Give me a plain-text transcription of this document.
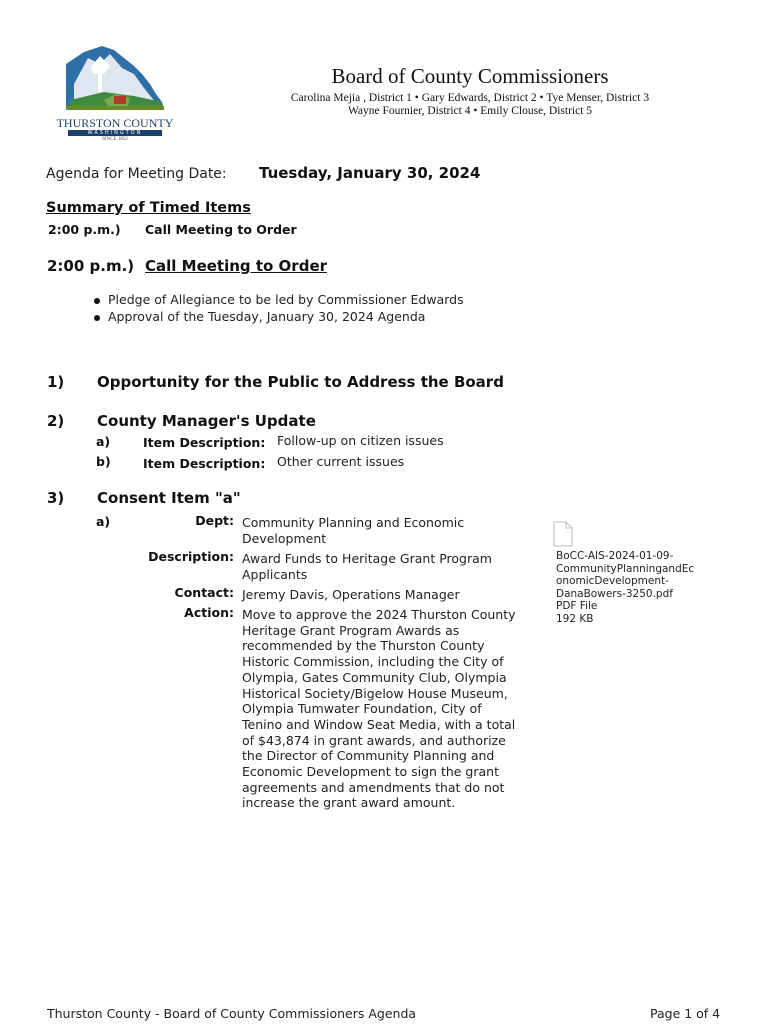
THURSTON COUNTY
WASHINGTON
SINCE 1852
Board of County Commissioners
Carolina Mejia , District 1 • Gary Edwards, District 2 • Tye Menser, District 3
Wayne Fournier, District 4 • Emily Clouse, District 5
Agenda for Meeting Date: Tuesday, January 30, 2024
Summary of Timed Items
2:00 p.m.) Call Meeting to Order
2:00 p.m.) Call Meeting to Order
Pledge of Allegiance to be led by Commissioner Edwards
Approval of the Tuesday, January 30, 2024 Agenda
1) Opportunity for the Public to Address the Board
2) County Manager's Update
a)	Item Description: Follow-up on citizen issues
b)	Item Description: Other current issues
3) Consent Item "a"
a)	Dept: Community Planning and Economic
Development
Description: Award Funds to Heritage Grant Program
Applicants
Contact: Jeremy Davis, Operations Manager
Action: Move to approve the 2024 Thurston County
Heritage Grant Program Awards as
recommended by the Thurston County
Historic Commission, including the City of
Olympia, Gates Community Club, Olympia
Historical Society/Bigelow House Museum,
Olympia Tumwater Foundation, City of
Tenino and Window Seat Media, with a total
of $43,874 in grant awards, and authorize
the Director of Community Planning and
Economic Development to sign the grant
agreements and amendments that do not
increase the grant award amount.
BoCC-AIS-2024-01-09-
CommunityPlanningandEc
onomicDevelopment-
DanaBowers-3250.pdf
PDF File
192 KB
Thurston County - Board of County Commissioners Agenda	Page 1 of 4
